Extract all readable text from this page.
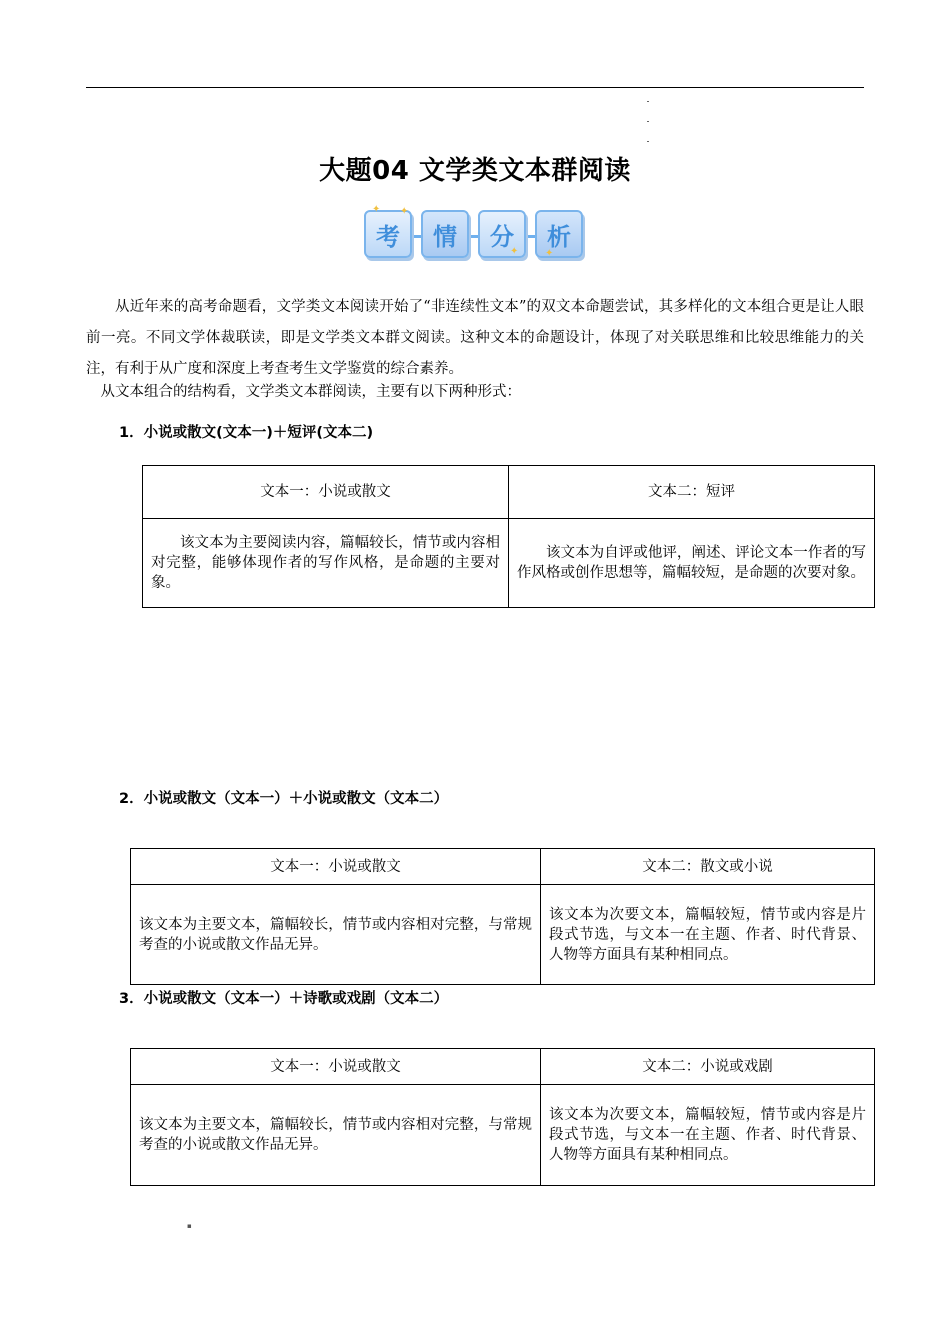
大题04 文学类文本群阅读
考	情	分	析
✦ ✦
✦	✦
从近年来的高考命题看，文学类文本阅读开始了“非连续性文本”的双文本命题尝试，其多样化的文本组合更是让人眼前一亮。不同文学体裁联读，即是文学类文本群文阅读。这种文本的命题设计，体现了对关联思维和比较思维能力的关注，有利于从广度和深度上考查考生文学鉴赏的综合素养。
从文本组合的结构看，文学类文本群阅读，主要有以下两种形式：
1．小说或散文(文本一)＋短评(文本二)
文本一：小说或散文	文本二：短评
该文本为主要阅读内容，篇幅较长，情节或内容相对完整，能够体现作者的写作风格，是命题的主要对象。	该文本为自评或他评，阐述、评论文本一作者的写作风格或创作思想等，篇幅较短，是命题的次要对象。
2．小说或散文（文本一）＋小说或散文（文本二）
文本一：小说或散文	文本二：散文或小说
该文本为主要文本，篇幅较长，情节或内容相对完整，与常规考查的小说或散文作品无异。	该文本为次要文本，篇幅较短，情节或内容是片段式节选，与文本一在主题、作者、时代背景、人物等方面具有某种相同点。
3．小说或散文（文本一）＋诗歌或戏剧（文本二）
文本一：小说或散文	文本二：小说或戏剧
该文本为主要文本，篇幅较长，情节或内容相对完整，与常规考查的小说或散文作品无异。	该文本为次要文本，篇幅较短，情节或内容是片段式节选，与文本一在主题、作者、时代背景、人物等方面具有某种相同点。
▪
